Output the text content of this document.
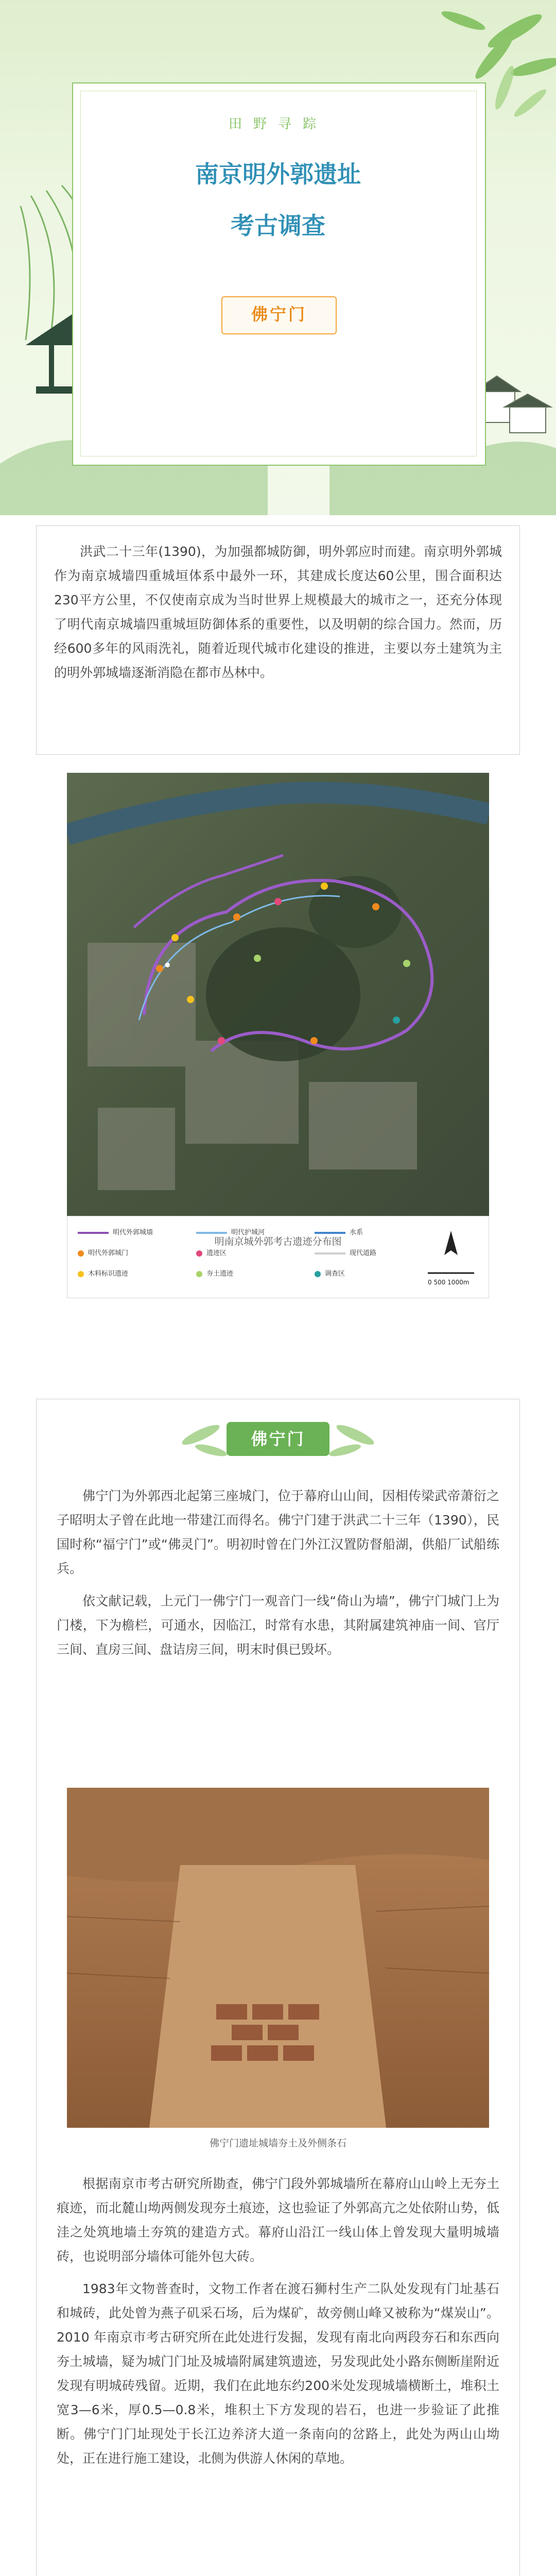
田野寻踪
南京明外郭遗址
考古调查
佛宁门

洪武二十三年(1390)，为加强都城防御，明外郭应时而建。南京明外郭城作为南京城墙四重城垣体系中最外一环，其建成长度达60公里，围合面积达230平方公里，不仅使南京成为当时世界上规模最大的城市之一，还充分体现了明代南京城墙四重城垣防御体系的重要性，以及明朝的综合国力。然而，历经600多年的风雨洗礼，随着近现代城市化建设的推进，主要以夯土建筑为主的明外郭城墙逐渐消隐在都市丛林中。

●
明代外郭城墙
明代外郭城门
木料标识遗迹
明代护城河
遗迹区
夯土遗迹
水系
现代道路
调查区
0 500 1000m
明南京城外郭考古遗迹分布图
佛宁门

佛宁门为外郭西北起第三座城门，位于幕府山山间，因相传梁武帝萧衍之子昭明太子曾在此地一带建江而得名。佛宁门建于洪武二十三年（1390），民国时称“福宁门”或“佛灵门”。明初时曾在门外江汉置防督船湖，供船厂试船练兵。

依文献记载，上元门一佛宁门一观音门一线“倚山为墙”，佛宁门城门上为门楼，下为檐栏，可通水，因临江，时常有水患，其附属建筑神庙一间、官厅三间、直房三间、盘诘房三间，明末时俱已毁坏。

佛宁门遗址城墙夯土及外侧条石

根据南京市考古研究所勘查，佛宁门段外郭城墙所在幕府山山岭上无夯土痕迹，而北麓山坳两侧发现夯土痕迹，这也验证了外郭高亢之处依附山势，低洼之处筑地墙土夯筑的建造方式。幕府山沿江一线山体上曾发现大量明城墙砖，也说明部分墙体可能外包大砖。

1983年文物普查时，文物工作者在渡石狮村生产二队处发现有门址基石和城砖，此处曾为燕子矶采石场，后为煤矿，故旁侧山峰又被称为“煤炭山”。2010 年南京市考古研究所在此处进行发掘，发现有南北向两段夯石和东西向夯土城墙，疑为城门门址及城墙附属建筑遗迹，另发现此处小路东侧断崖附近发现有明城砖残留。近期，我们在此地东约200米处发现城墙横断土，堆积土宽3—6米，厚0.5—0.8米，堆积土下方发现的岩石，也进一步验证了此推断。佛宁门门址现处于长江边养济大道一条南向的岔路上，此处为两山山坳处，正在进行施工建设，北侧为供游人休闲的草地。
